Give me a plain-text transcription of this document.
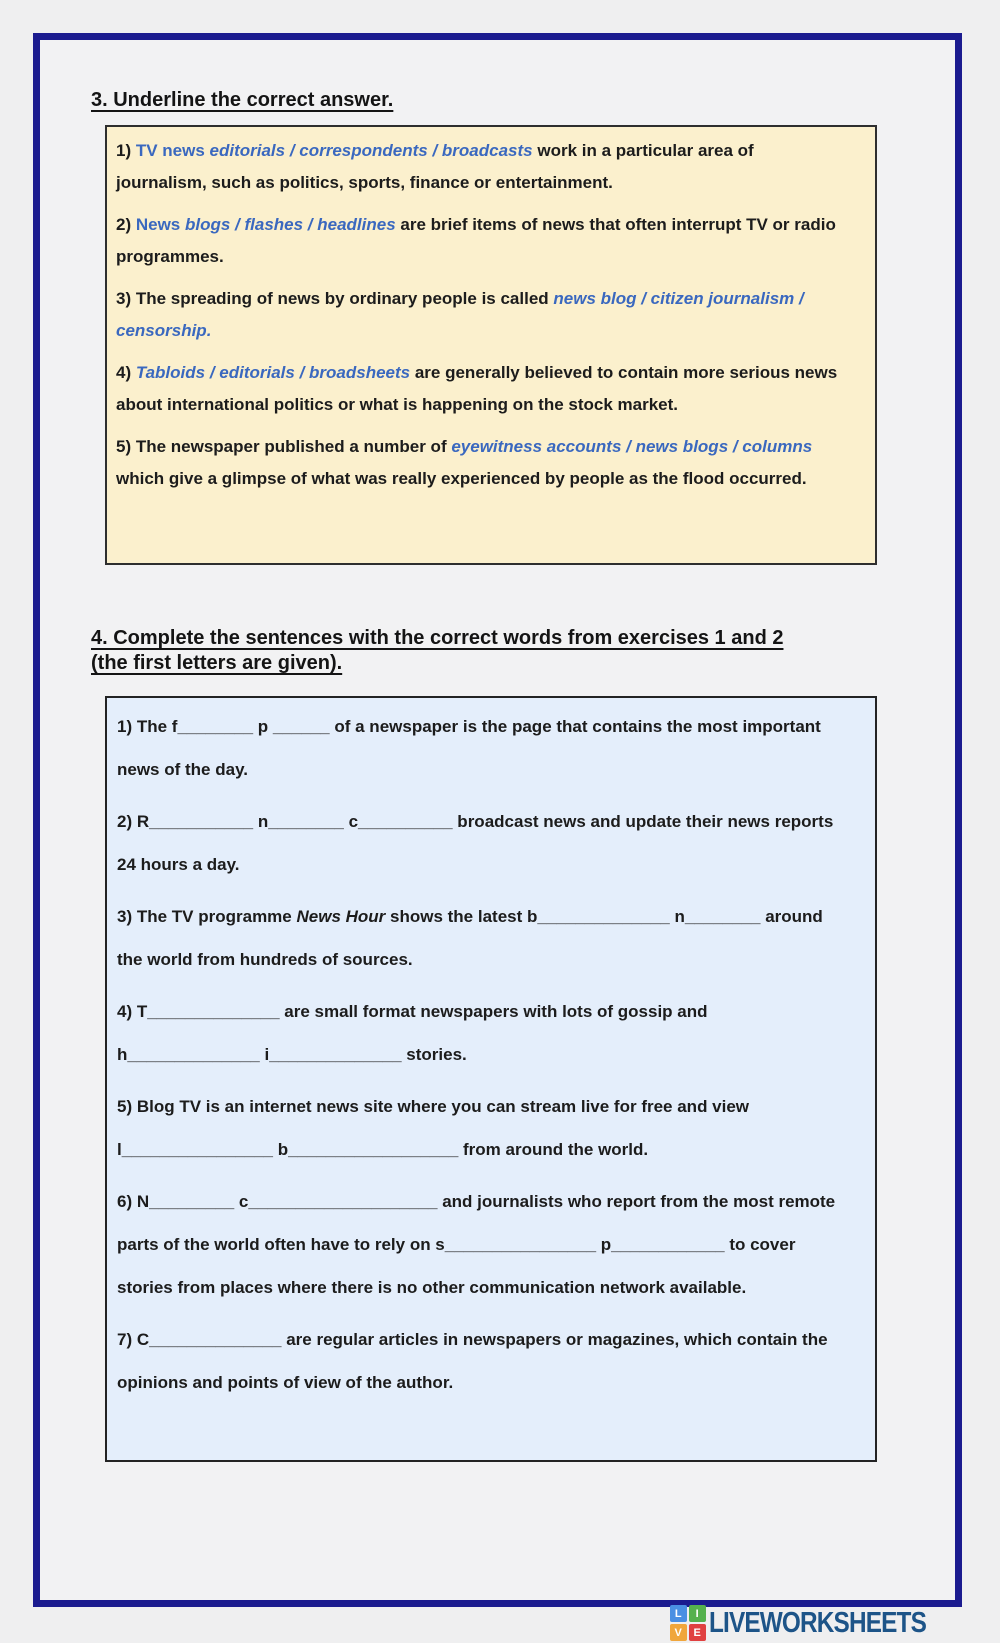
3. Underline the correct answer.

1) TV news editorials / correspondents / broadcasts work in a particular area of journalism, such as politics, sports, finance or entertainment.

2) News blogs / flashes / headlines are brief items of news that often interrupt TV or radio programmes.

3) The spreading of news by ordinary people is called news blog / citizen journalism / censorship.

4) Tabloids / editorials / broadsheets are generally believed to contain more serious news about international politics or what is happening on the stock market.

5) The newspaper published a number of eyewitness accounts / news blogs / columns which give a glimpse of what was really experienced by people as the flood occurred.

4. Complete the sentences with the correct words from exercises 1 and 2
(the first letters are given).

1) The f________ p ______ of a newspaper is the page that contains the most important news of the day.

2) R___________ n________ c__________ broadcast news and update their news reports 24 hours a day.

3) The TV programme News Hour shows the latest b______________ n________ around the world from hundreds of sources.

4) T______________ are small format newspapers with lots of gossip and h______________ i______________ stories.

5) Blog TV is an internet news site where you can stream live for free and view l________________ b__________________ from around the world.

6) N_________ c____________________ and journalists who report from the most remote parts of the world often have to rely on s________________ p____________ to cover stories from places where there is no other communication network available.

7) C______________ are regular articles in newspapers or magazines, which contain the opinions and points of view of the author.

L	I
V	E LIVEWORKSHEETS
